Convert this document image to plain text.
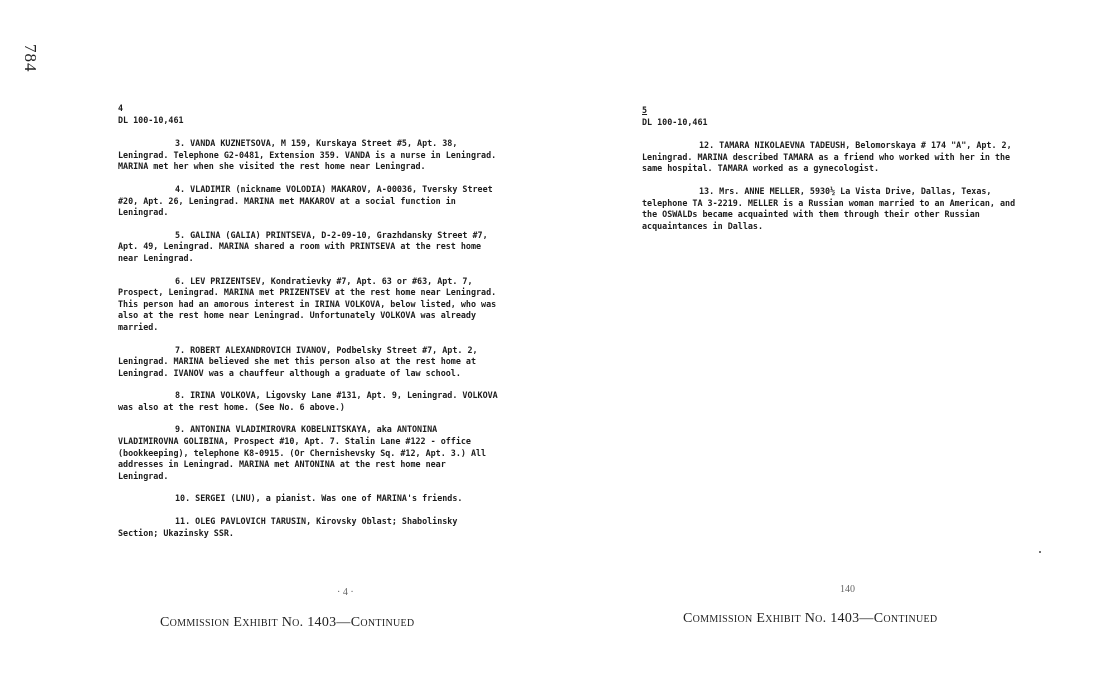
784
4
DL 100-10,461

3. VANDA KUZNETSOVA, M 159, Kurskaya Street #5, Apt. 38, Leningrad. Telephone G2-0481, Extension 359. VANDA is a nurse in Leningrad. MARINA met her when she visited the rest home near Leningrad.

4. VLADIMIR (nickname VOLODIA) MAKAROV, A-00036, Tversky Street #20, Apt. 26, Leningrad. MARINA met MAKAROV at a social function in Leningrad.

5. GALINA (GALIA) PRINTSEVA, D-2-09-10, Grazhdansky Street #7, Apt. 49, Leningrad. MARINA shared a room with PRINTSEVA at the rest home near Leningrad.

6. LEV PRIZENTSEV, Kondratievky #7, Apt. 63 or #63, Apt. 7, Prospect, Leningrad. MARINA met PRIZENTSEV at the rest home near Leningrad. This person had an amorous interest in IRINA VOLKOVA, below listed, who was also at the rest home near Leningrad. Unfortunately VOLKOVA was already married.

7. ROBERT ALEXANDROVICH IVANOV, Podbelsky Street #7, Apt. 2, Leningrad. MARINA believed she met this person also at the rest home at Leningrad. IVANOV was a chauffeur although a graduate of law school.

8. IRINA VOLKOVA, Ligovsky Lane #131, Apt. 9, Leningrad. VOLKOVA was also at the rest home. (See No. 6 above.)

9. ANTONINA VLADIMIROVRA KOBELNITSKAYA, aka ANTONINA VLADIMIROVNA GOLIBINA, Prospect #10, Apt. 7. Stalin Lane #122 - office (bookkeeping), telephone K8-0915. (Or Chernishevsky Sq. #12, Apt. 3.) All addresses in Leningrad. MARINA met ANTONINA at the rest home near Leningrad.

10. SERGEI (LNU), a pianist. Was one of MARINA's friends.

11. OLEG PAVLOVICH TARUSIN, Kirovsky Oblast; Shabolinsky Section; Ukazinsky SSR.

5
DL 100-10,461

12. TAMARA NIKOLAEVNA TADEUSH, Belomorskaya # 174 "A", Apt. 2, Leningrad. MARINA described TAMARA as a friend who worked with her in the same hospital. TAMARA worked as a gynecologist.

13. Mrs. ANNE MELLER, 5930½ La Vista Drive, Dallas, Texas, telephone TA 3-2219. MELLER is a Russian woman married to an American, and the OSWALDs became acquainted with them through their other Russian acquaintances in Dallas.

· 4 ·	140
Commission Exhibit No. 1403—Continued	Commission Exhibit No. 1403—Continued
